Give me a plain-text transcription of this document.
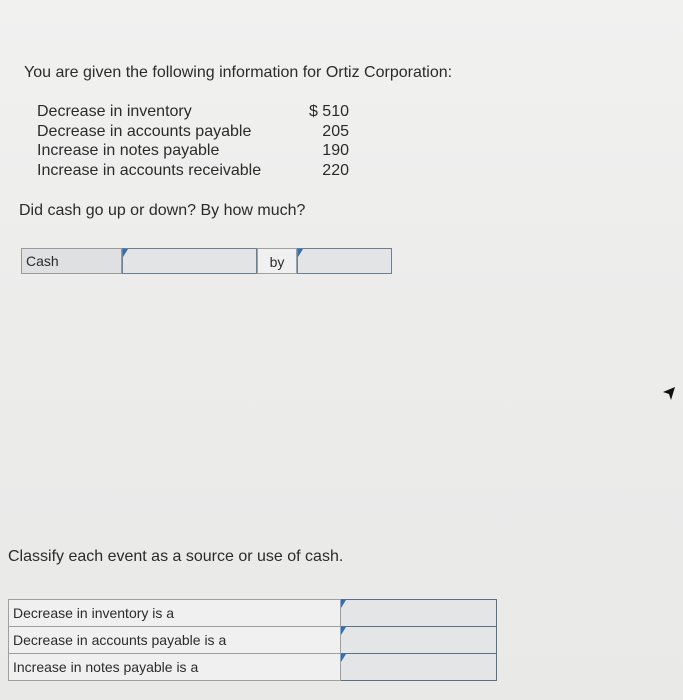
You are given the following information for Ortiz Corporation:
Decrease in inventory	$ 510
Decrease in accounts payable	205
Increase in notes payable	190
Increase in accounts receivable	220
Did cash go up or down? By how much?
Cash	by
Classify each event as a source or use of cash.
Decrease in inventory is a	

Decrease in accounts payable is a	

Increase in notes payable is a	
